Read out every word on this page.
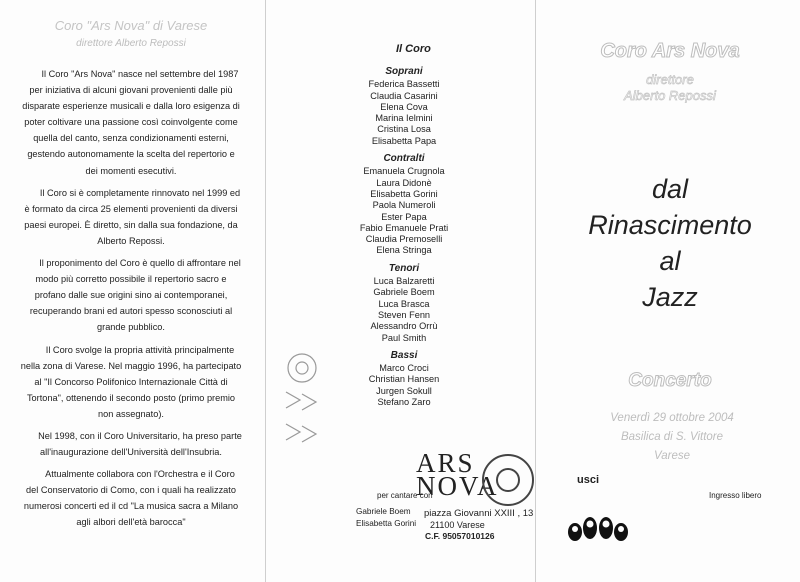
Coro "Ars Nova" di Varese
direttore Alberto Repossi

Il Coro "Ars Nova" nasce nel settembre del 1987 per iniziativa di alcuni giovani provenienti dalle più disparate esperienze musicali e dalla loro esigenza di poter coltivare una passione così coinvolgente come quella del canto, senza condizionamenti esterni, gestendo autonomamente la scelta del repertorio e dei momenti esecutivi.

Il Coro si è completamente rinnovato nel 1999 ed è formato da circa 25 elementi provenienti da diversi paesi europei. È diretto, sin dalla sua fondazione, da Alberto Repossi.

Il proponimento del Coro è quello di affrontare nel modo più corretto possibile il repertorio sacro e profano dalle sue origini sino ai contemporanei, recuperando brani ed autori spesso sconosciuti al grande pubblico.

Il Coro svolge la propria attività principalmente nella zona di Varese. Nel maggio 1996, ha partecipato al "Il Concorso Polifonico Internazionale Città di Tortona", ottenendo il secondo posto (primo premio non assegnato).

Nel 1998, con il Coro Universitario, ha preso parte all'inaugurazione dell'Università dell'Insubria.

Attualmente collabora con l'Orchestra e il Coro del Conservatorio di Como, con i quali ha realizzato numerosi concerti ed il cd "La musica sacra a Milano agli albori dell'età barocca"

Il Coro
Soprani
Federica Bassetti
Claudia Casarini
Elena Cova
Marina Ielmini
Cristina Losa
Elisabetta Papa
Contralti
Emanuela Crugnola
Laura Didonè
Elisabetta Gorini
Paola Numeroli
Ester Papa
Fabio Emanuele Prati
Claudia Premoselli
Elena Stringa
Tenori
Luca Balzaretti
Gabriele Boem
Luca Brasca
Steven Fenn
Alessandro Orrù
Paul Smith
Bassi
Marco Croci
Christian Hansen
Jurgen Sokull
Stefano Zaro
per cantare con
Gabriele Boem
Elisabetta Gorini
ARS
NOVA
piazza Giovanni XXIII , 13
21100 Varese
C.F. 95057010126
Coro Ars Nova
direttore
Alberto Repossi
dal
Rinascimento
al
Jazz
Concerto
Venerdì 29 ottobre 2004
Basilica di S. Vittore
Varese
usci
Ingresso libero
